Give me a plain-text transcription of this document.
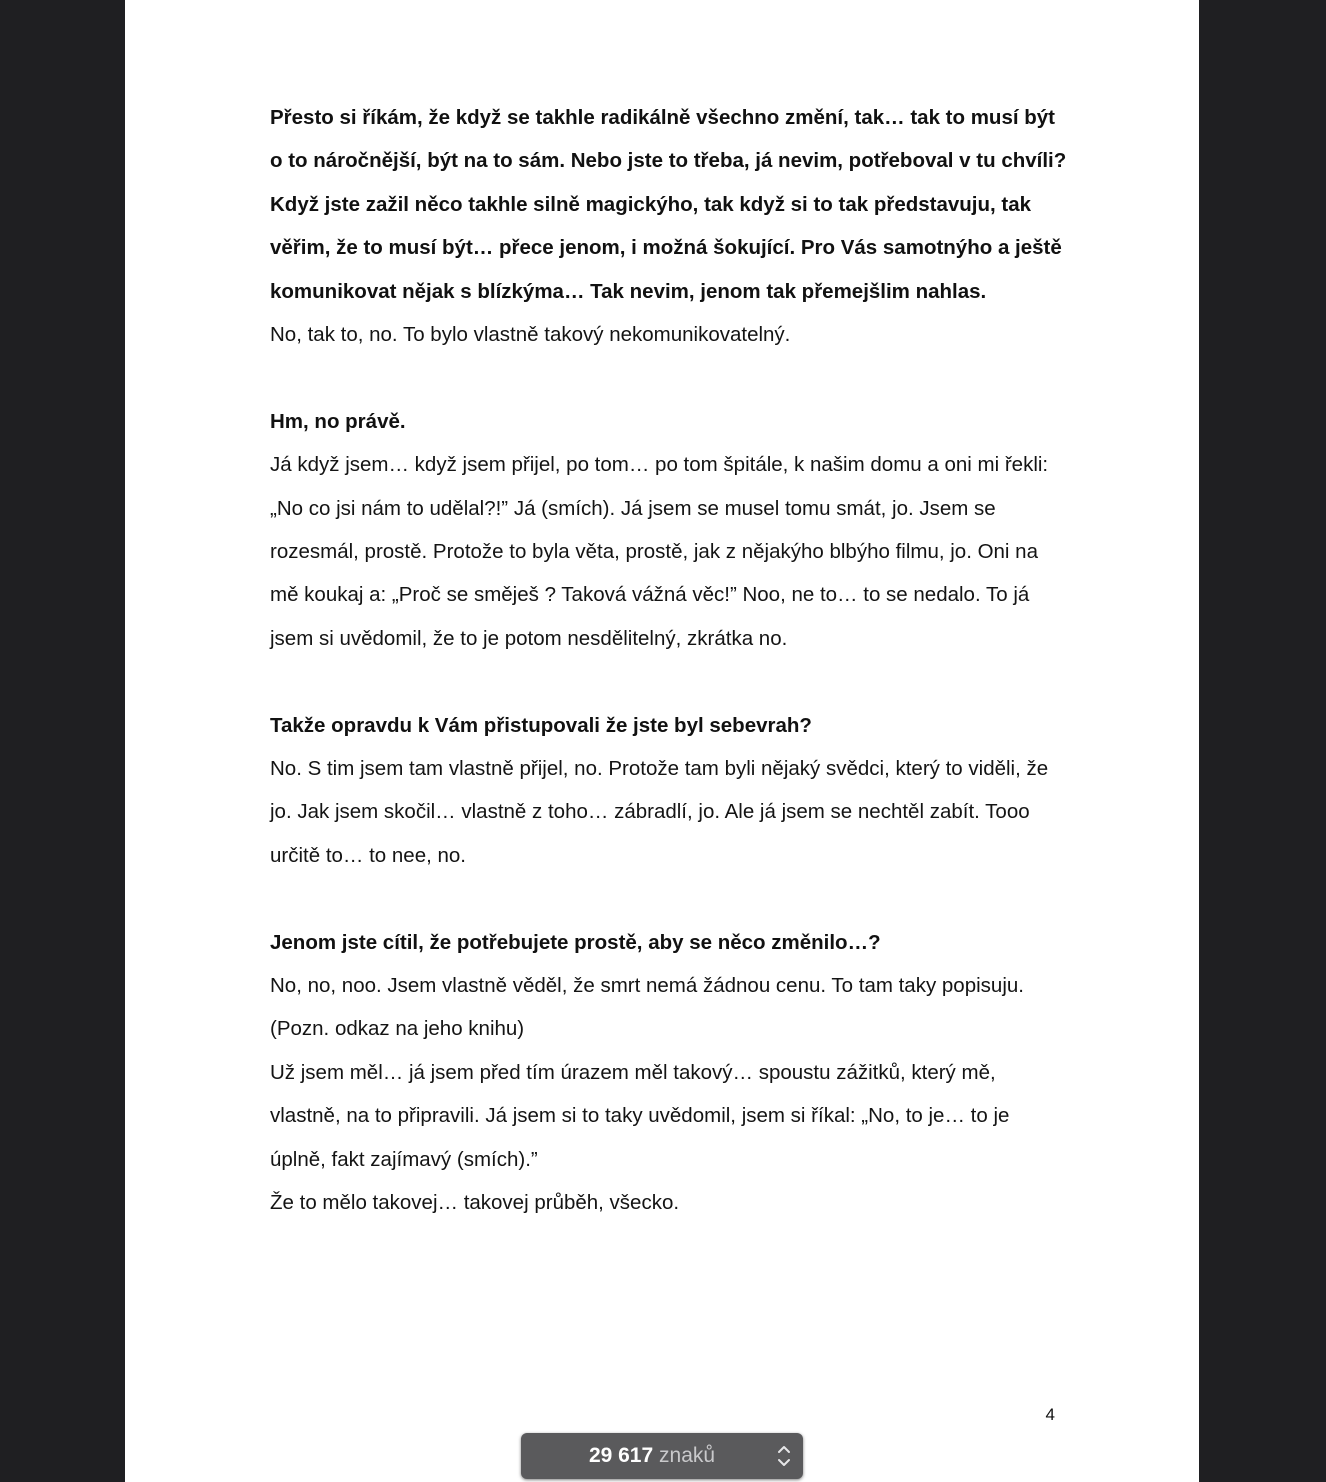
Přesto si říkám, že když se takhle radikálně všechno změní, tak… tak to musí být o to náročnější, být na to sám. Nebo jste to třeba, já nevim, potřeboval v tu chvíli? Když jste zažil něco takhle silně magickýho, tak když si to tak představuju, tak věřim, že to musí být… přece jenom, i možná šokující. Pro Vás samotnýho a ještě komunikovat nějak s blízkýma… Tak nevim, jenom tak přemejšlim nahlas.
No, tak to, no. To bylo vlastně takový nekomunikovatelný.
Hm, no právě.
Já když jsem… když jsem přijel, po tom… po tom špitále, k našim domu a oni mi řekli: „No co jsi nám to udělal?!” Já (smích). Já jsem se musel tomu smát, jo. Jsem se rozesmál, prostě. Protože to byla věta, prostě, jak z nějakýho blbýho filmu, jo. Oni na mě koukaj a: „Proč se směješ ? Taková vážná věc!” Noo, ne to… to se nedalo. To já jsem si uvědomil, že to je potom nesdělitelný, zkrátka no.
Takže opravdu k Vám přistupovali že jste byl sebevrah?
No. S tim jsem tam vlastně přijel, no. Protože tam byli nějaký svědci, který to viděli, že jo. Jak jsem skočil… vlastně z toho… zábradlí, jo. Ale já jsem se nechtěl zabít. Tooo určitě to… to nee, no.
Jenom jste cítil, že potřebujete prostě, aby se něco změnilo…?
No, no, noo. Jsem vlastně věděl, že smrt nemá žádnou cenu. To tam taky popisuju. (Pozn. odkaz na jeho knihu)
Už jsem měl… já jsem před tím úrazem měl takový… spoustu zážitků, který mě, vlastně, na to připravili. Já jsem si to taky uvědomil, jsem si říkal: „No, to je… to je úplně, fakt zajímavý (smích).”
Že to mělo takovej… takovej průběh, všecko.
4
29 617 znaků
